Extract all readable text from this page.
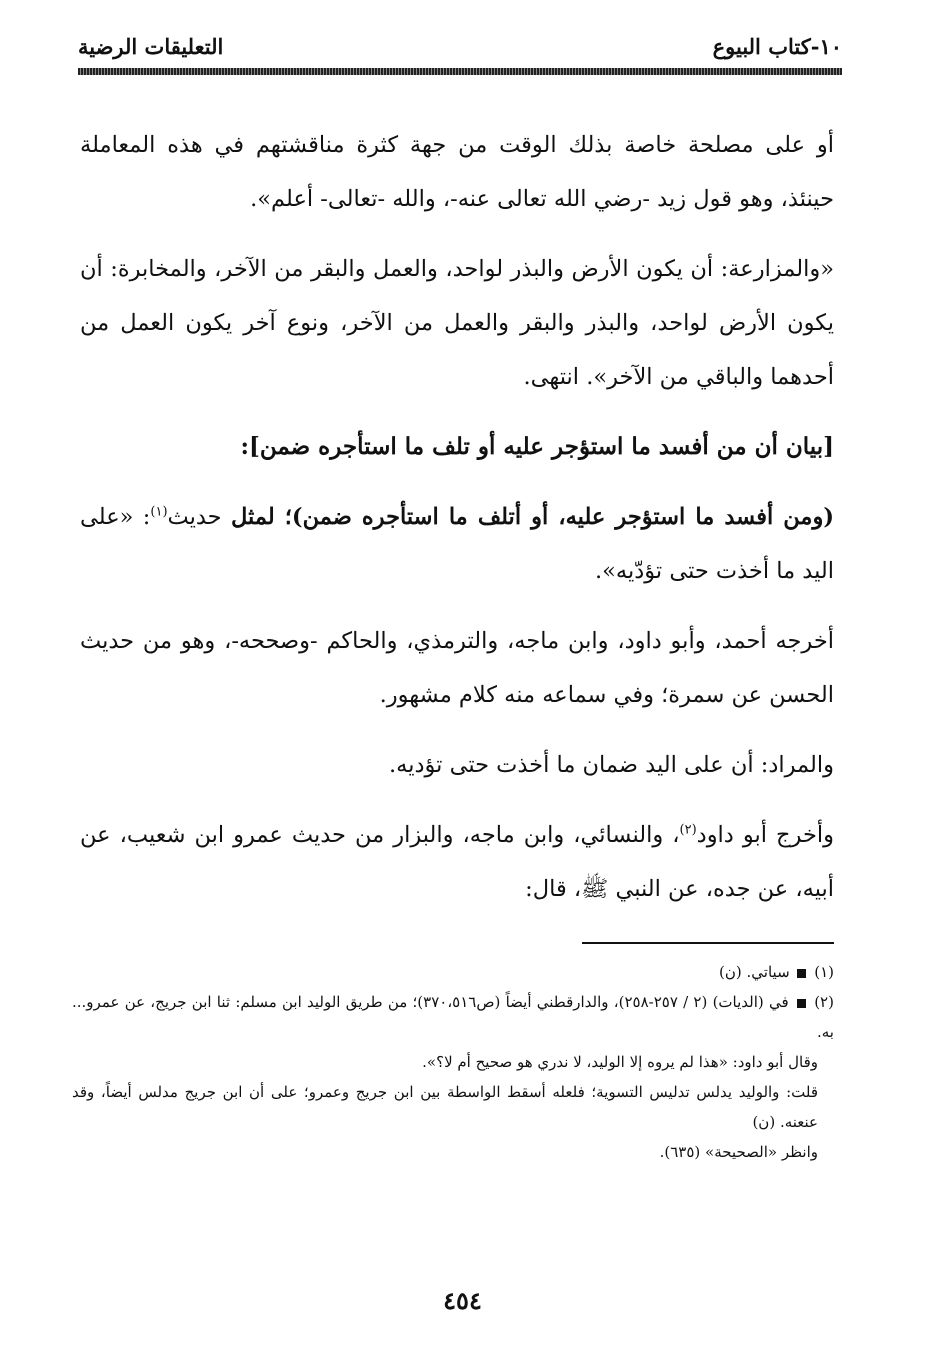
١٠-كتاب البيوع
التعليقات الرضية

أو على مصلحة خاصة بذلك الوقت من جهة كثرة مناقشتهم في هذه المعاملة حينئذ، وهو قول زيد -رضي الله تعالى عنه-، والله -تعالى- أعلم».

«والمزارعة: أن يكون الأرض والبذر لواحد، والعمل والبقر من الآخر، والمخابرة: أن يكون الأرض لواحد، والبذر والبقر والعمل من الآخر، ونوع آخر يكون العمل من أحدهما والباقي من الآخر». انتهى.

[بيان أن من أفسد ما استؤجر عليه أو تلف ما استأجره ضمن]:

(ومن أفسد ما استؤجر عليه، أو أتلف ما استأجره ضمن)؛ لمثل حديث$^{(١)}$: «على اليد ما أخذت حتى تؤدّيه».

أخرجه أحمد، وأبو داود، وابن ماجه، والترمذي، والحاكم -وصححه-، وهو من حديث الحسن عن سمرة؛ وفي سماعه منه كلام مشهور.

والمراد: أن على اليد ضمان ما أخذت حتى تؤديه.

وأخرج أبو داود$^{(٢)}$، والنسائي، وابن ماجه، والبزار من حديث عمرو ابن شعيب، عن أبيه، عن جده، عن النبي ﷺ، قال:

(١)  سياتي. (ن)

(٢)  في (الديات) (٢ / ٢٥٧-٢٥٨)، والدارقطني أيضاً (ص٣٧٠،٥١٦)؛ من طريق الوليد ابن مسلم: ثنا ابن جريج، عن عمرو... به.

وقال أبو داود: «هذا لم يروه إلا الوليد، لا ندري هو صحيح أم لا؟».

قلت: والوليد يدلس تدليس التسوية؛ فلعله أسقط الواسطة بين ابن جريج وعمرو؛ على أن ابن جريج مدلس أيضاً، وقد عنعنه. (ن)

وانظر «الصحيحة» (٦٣٥).

٤٥٤
